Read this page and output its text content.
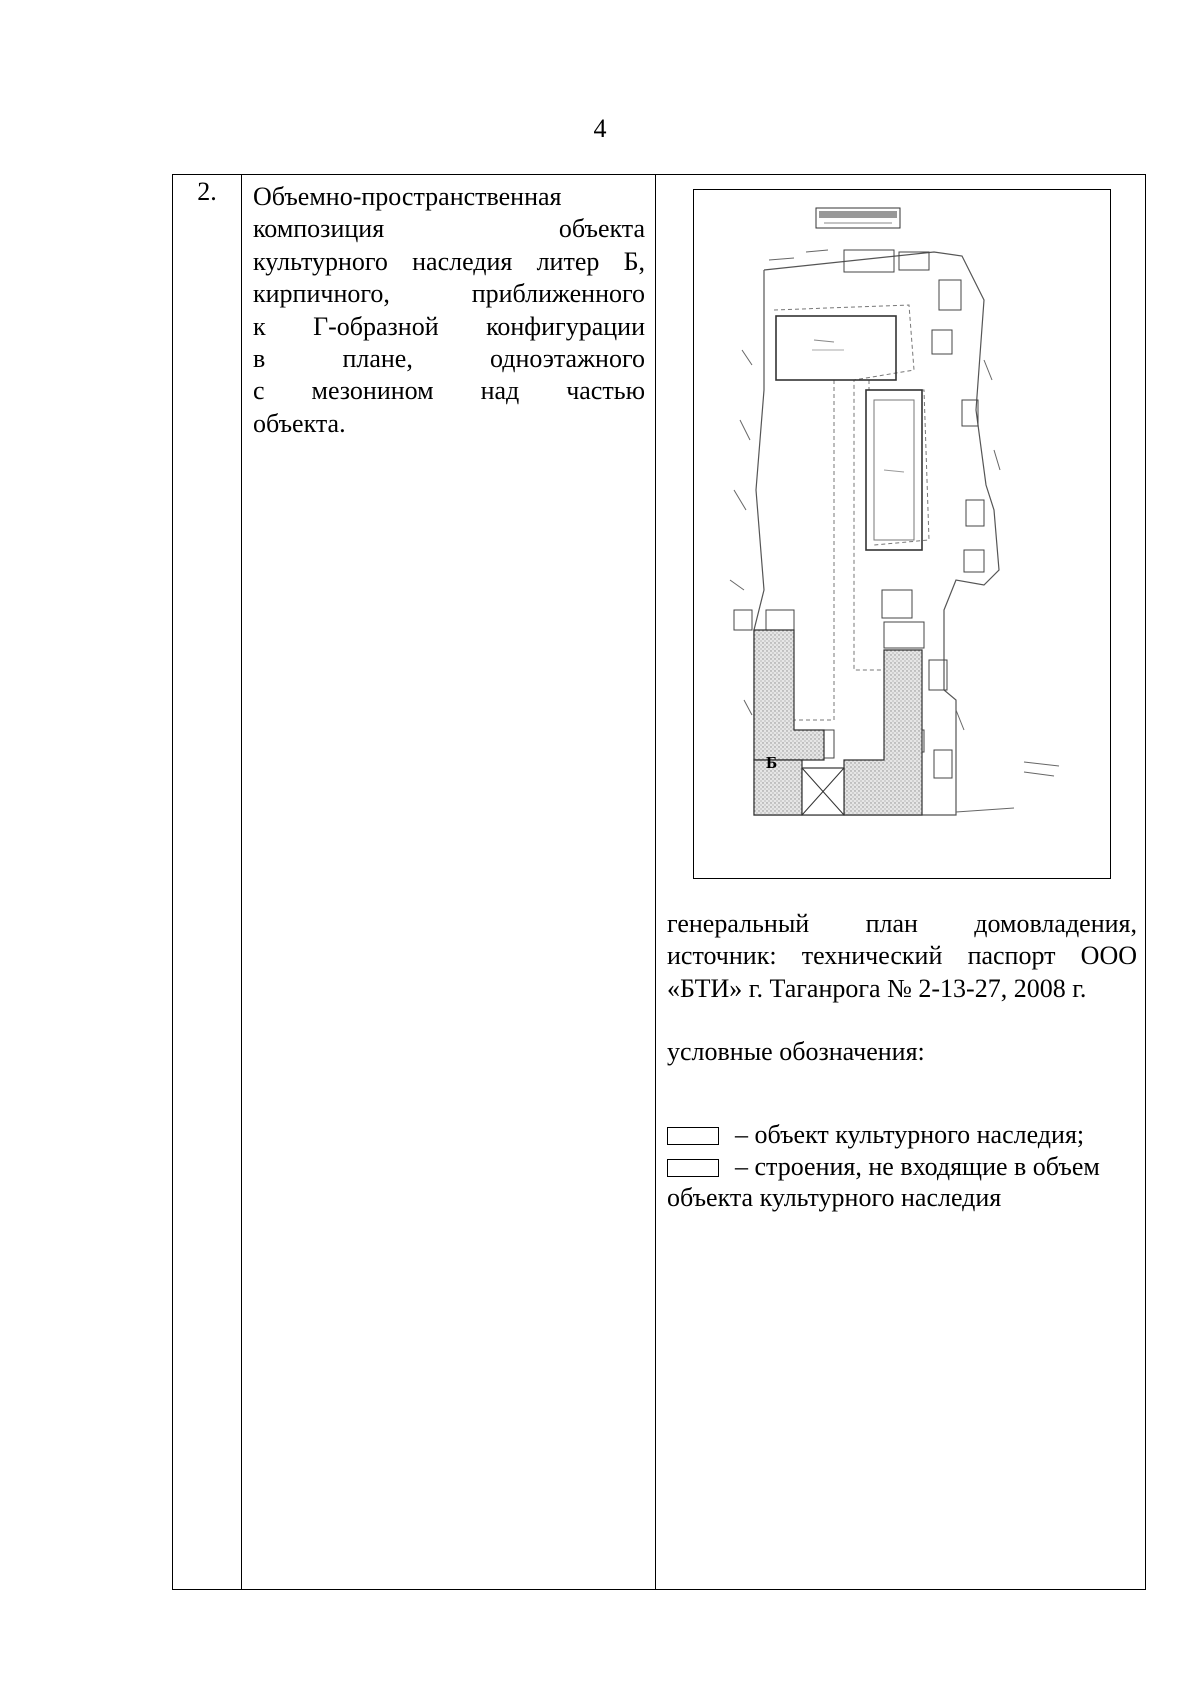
4
2.	Объемно-пространственная
композиция объекта
культурного наследия литер Б,
кирпичного, приближенного
к Г-образной конфигурации
в плане, одноэтажного
с мезонином над частью
объекта.
Б
генеральный план домовладения,
источник: технический паспорт ООО
«БТИ» г. Таганрога № 2-13-27, 2008 г.
условные обозначения:
– объект культурного наследия;
– строения, не входящие в объем
объекта культурного наследия
